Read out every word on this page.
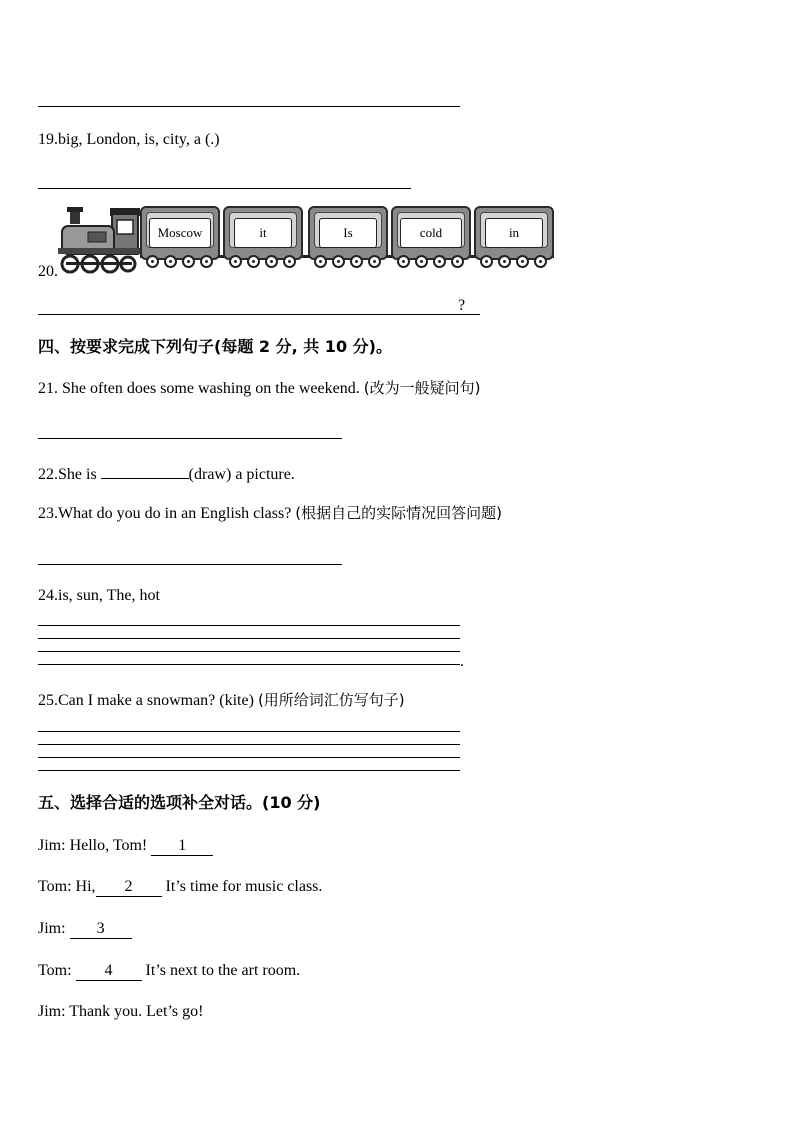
19.big, London, is, city, a (.)
20.
Moscow	it	Is	cold	in
?
四、按要求完成下列句子(每题 2 分, 共 10 分)。
21. She often does some washing on the weekend. (改为一般疑问句)
22.She is	(draw) a picture.
23.What do you do in an English class? (根据自己的实际情况回答问题)
24.is, sun, The, hot
.
25.Can I make a snowman? (kite) (用所给词汇仿写句子)
五、选择合适的选项补全对话。(10 分)
Jim: Hello, Tom! 1
Tom: Hi, 2 It’s time for music class.
Jim: 3
Tom: 4 It’s next to the art room.
Jim: Thank you. Let’s go!
